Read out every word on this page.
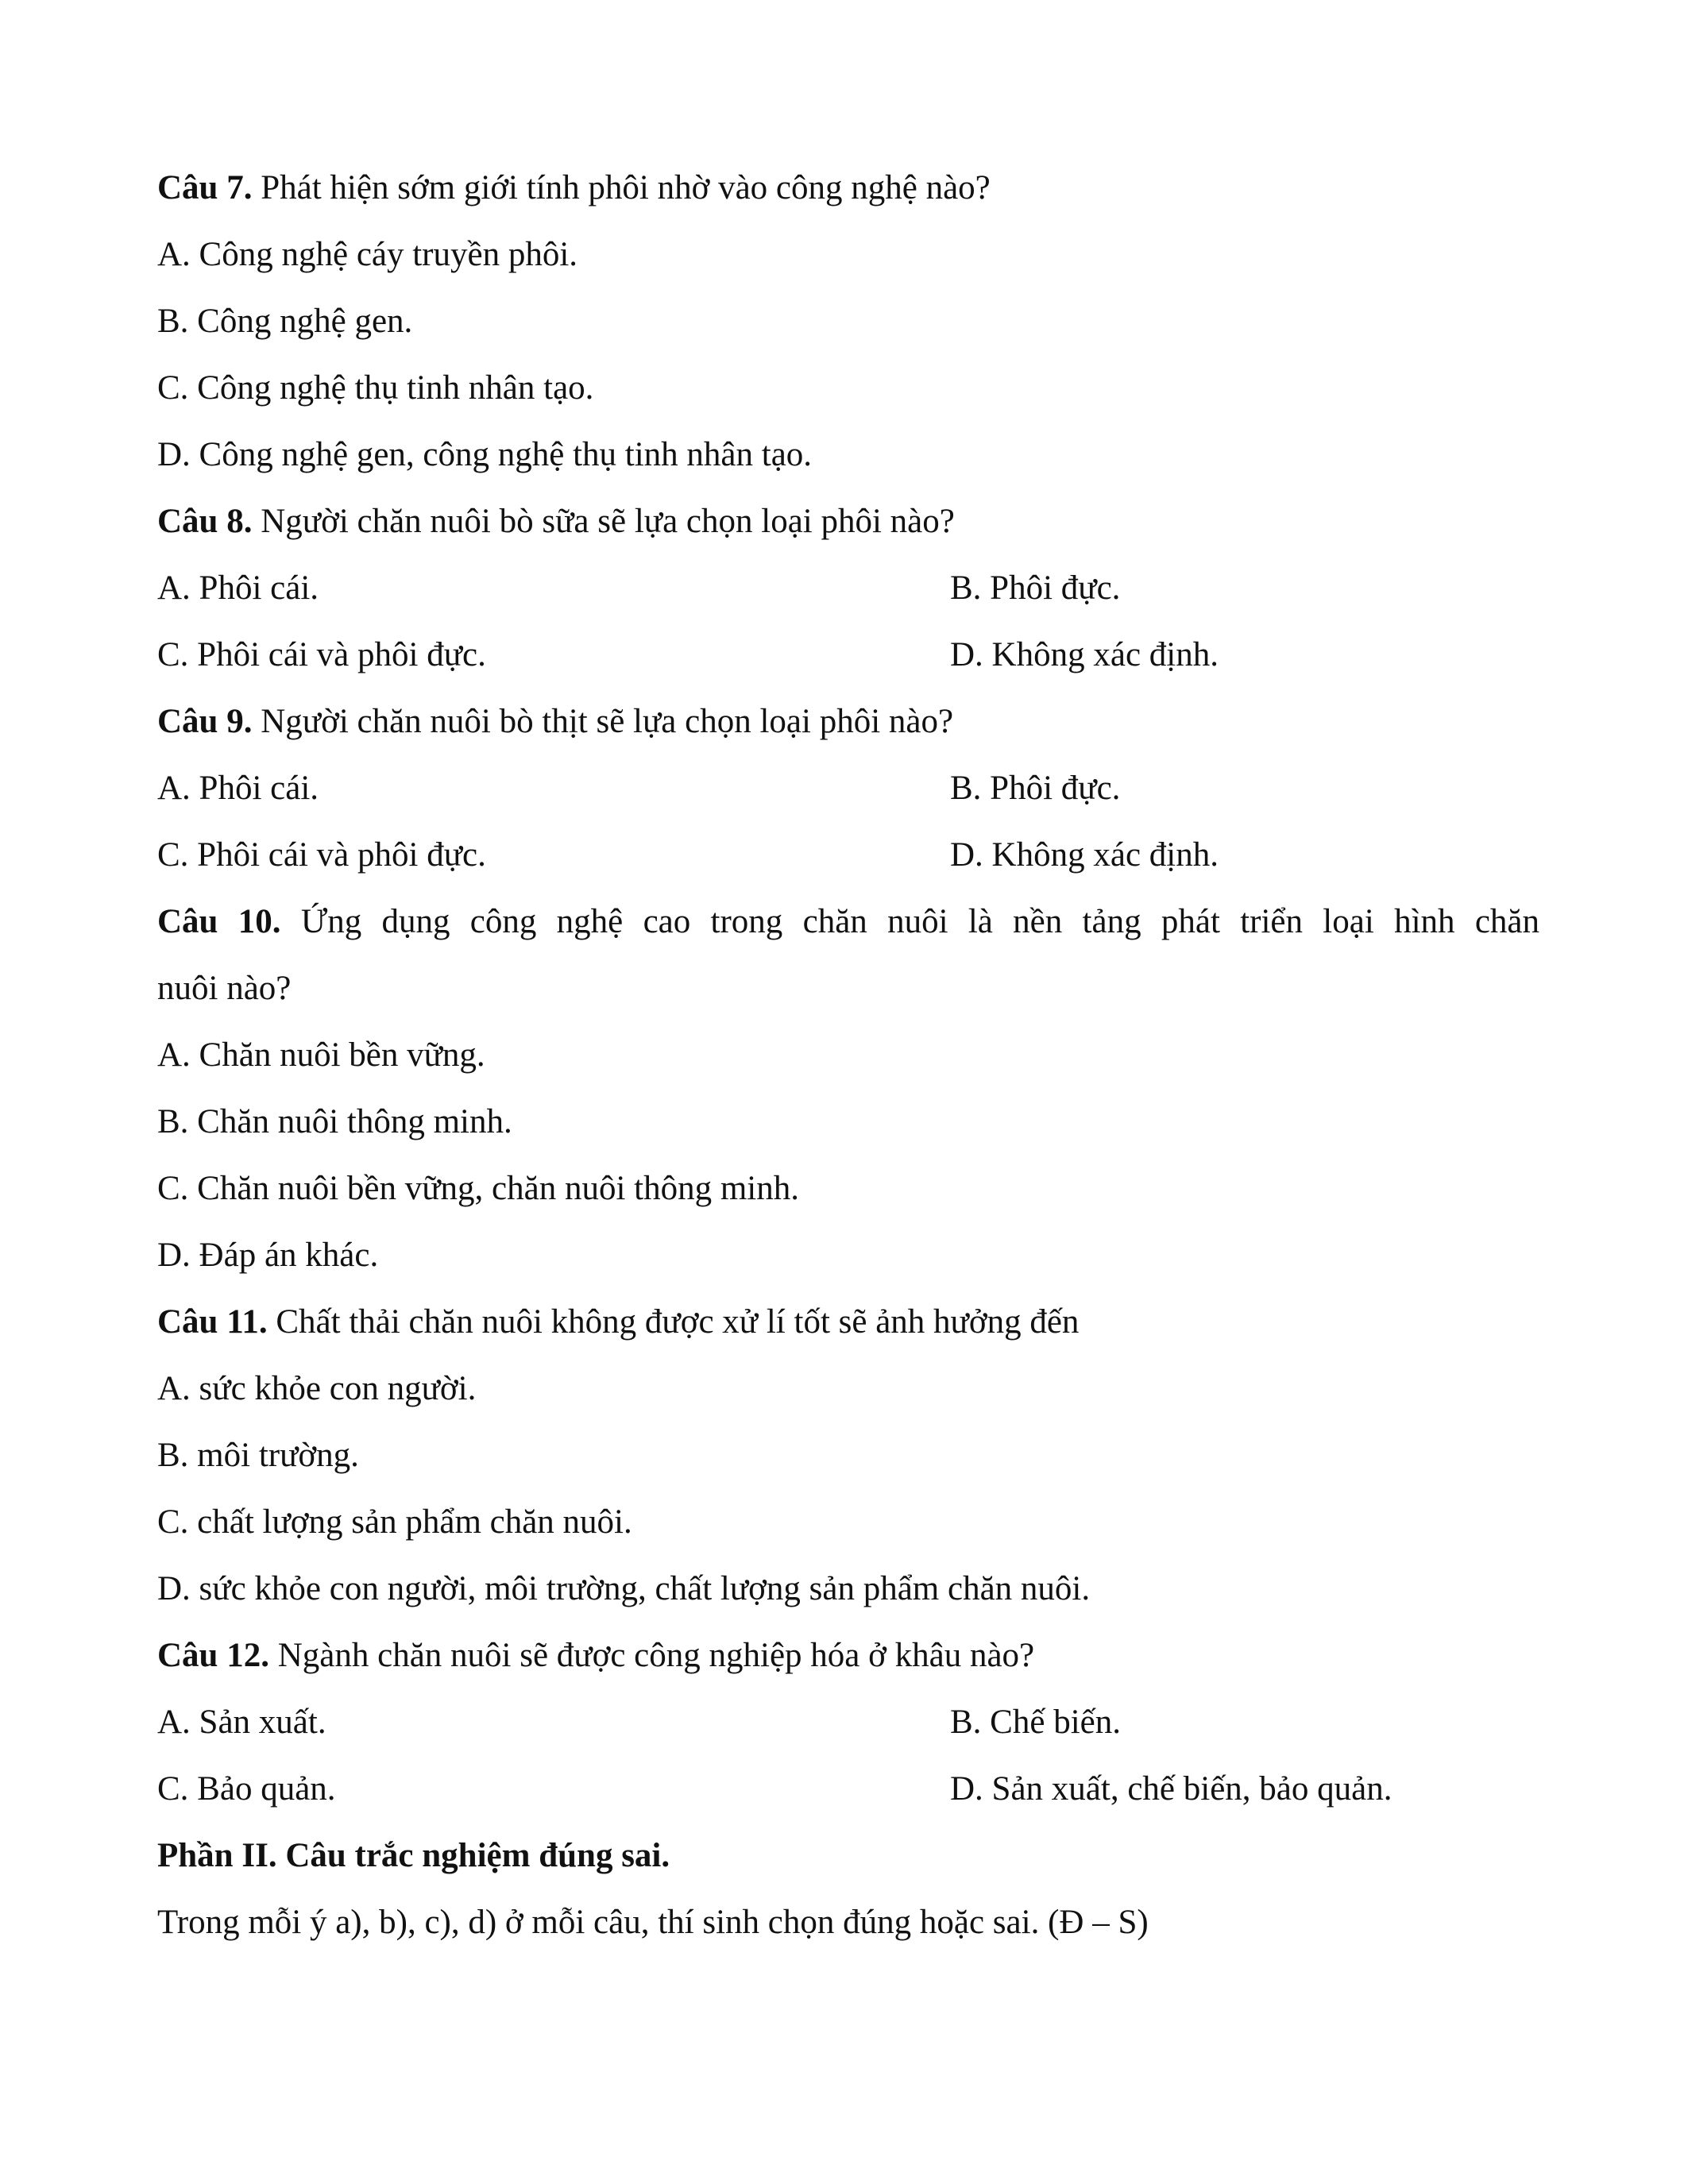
Câu 7. Phát hiện sớm giới tính phôi nhờ vào công nghệ nào?
A. Công nghệ cáy truyền phôi.
B. Công nghệ gen.
C. Công nghệ thụ tinh nhân tạo.
D. Công nghệ gen, công nghệ thụ tinh nhân tạo.
Câu 8. Người chăn nuôi bò sữa sẽ lựa chọn loại phôi nào?
A. Phôi cái.	B. Phôi đực.
C. Phôi cái và phôi đực.	D. Không xác định.
Câu 9. Người chăn nuôi bò thịt sẽ lựa chọn loại phôi nào?
A. Phôi cái.	B. Phôi đực.
C. Phôi cái và phôi đực.	D. Không xác định.
Câu 10. Ứng dụng công nghệ cao trong chăn nuôi là nền tảng phát triển loại hình chăn
nuôi nào?
A. Chăn nuôi bền vững.
B. Chăn nuôi thông minh.
C. Chăn nuôi bền vững, chăn nuôi thông minh.
D. Đáp án khác.
Câu 11. Chất thải chăn nuôi không được xử lí tốt sẽ ảnh hưởng đến
A. sức khỏe con người.
B. môi trường.
C. chất lượng sản phẩm chăn nuôi.
D. sức khỏe con người, môi trường, chất lượng sản phẩm chăn nuôi.
Câu 12. Ngành chăn nuôi sẽ được công nghiệp hóa ở khâu nào?
A. Sản xuất.	B. Chế biến.
C. Bảo quản.	D. Sản xuất, chế biến, bảo quản.
Phần II. Câu trắc nghiệm đúng sai.
Trong mỗi ý a), b), c), d) ở mỗi câu, thí sinh chọn đúng hoặc sai. (Đ – S)
